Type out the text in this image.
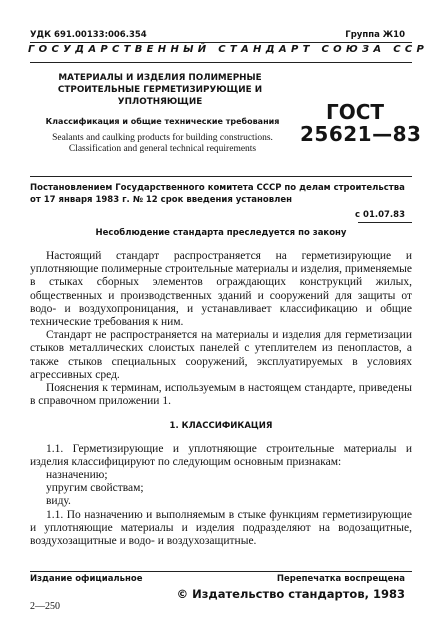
УДК 691.00133:006.354	Группа Ж10
ГОСУДАРСТВЕННЫЙ СТАНДАРТ СОЮЗА ССР
МАТЕРИАЛЫ И ИЗДЕЛИЯ ПОЛИМЕРНЫЕ СТРОИТЕЛЬНЫЕ ГЕРМЕТИЗИРУЮЩИЕ И УПЛОТНЯЮЩИЕ
Классификация и общие технические требования
Sealants and caulking products for building constructions. Classification and general technical requirements
ГОСТ
25621—83
Постановлением Государственного комитета СССР по делам строительства от 17 января 1983 г. № 12 срок введения установлен
с 01.07.83
Несоблюдение стандарта преследуется по закону

Настоящий стандарт распространяется на герметизирующие и уплотняющие полимерные строительные материалы и изделия, применяемые в стыках сборных элементов ограждающих конструкций жилых, общественных и производственных зданий и сооружений для защиты от водо- и воздухопроницания, и устанавливает классификацию и общие технические требования к ним.

Стандарт не распространяется на материалы и изделия для герметизации стыков металлических слоистых панелей с утеплителем из пенопластов, а также стыков специальных сооружений, эксплуатируемых в условиях агрессивных сред.

Пояснения к терминам, используемым в настоящем стандарте, приведены в справочном приложении 1.

1. КЛАССИФИКАЦИЯ

1.1. Герметизирующие и уплотняющие строительные материалы и изделия классифицируют по следующим основным признакам:

назначению;

упругим свойствам;

виду.

1.1. По назначению и выполняемым в стыке функциям герметизирующие и уплотняющие материалы и изделия подразделяют на водозащитные, воздухозащитные и водо- и воздухозащитные.

Издание официальное	Перепечатка воспрещена
© Издательство стандартов, 1983
2—250
